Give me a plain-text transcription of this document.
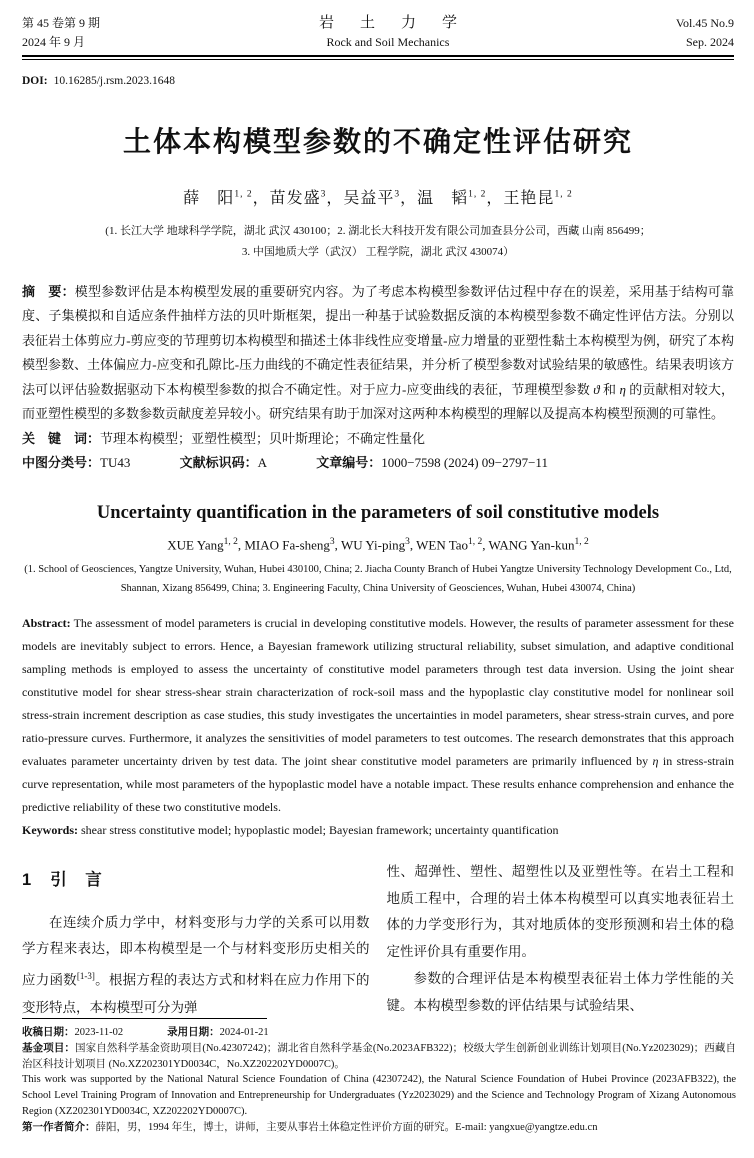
第 45 卷第 9 期
2024 年 9 月
岩土力学
Rock and Soil Mechanics
Vol.45 No.9
Sep. 2024
DOI: 10.16285/j.rsm.2023.1648
土体本构模型参数的不确定性评估研究
薛　阳$^{1, 2}$，苗发盛$^3$，吴益平$^3$，温　韬$^{1, 2}$，王艳昆$^{1, 2}$
(1. 长江大学 地球科学学院，湖北 武汉 430100；2. 湖北长大科技开发有限公司加查县分公司，西藏 山南 856499；
3. 中国地质大学（武汉） 工程学院，湖北 武汉 430074）
摘　要：模型参数评估是本构模型发展的重要研究内容。为了考虑本构模型参数评估过程中存在的误差，采用基于结构可靠度、子集模拟和自适应条件抽样方法的贝叶斯框架，提出一种基于试验数据反演的本构模型参数不确定性评估方法。分别以表征岩土体剪应力-剪应变的节理剪切本构模型和描述土体非线性应变增量-应力增量的亚塑性黏土本构模型为例，研究了本构模型参数、土体偏应力-应变和孔隙比-压力曲线的不确定性表征结果，并分析了模型参数对试验结果的敏感性。结果表明该方法可以评估验数据驱动下本构模型参数的拟合不确定性。对于应力-应变曲线的表征，节理模型参数 ϑ 和 η 的贡献相对较大，而亚塑性模型的多数参数贡献度差异较小。研究结果有助于加深对这两种本构模型的理解以及提高本构模型预测的可靠性。
关　键　词：节理本构模型；亚塑性模型；贝叶斯理论；不确定性量化
中图分类号：TU43	文献标识码：A	文章编号：1000−7598 (2024) 09−2797−11
Uncertainty quantification in the parameters of soil constitutive models
XUE Yang$^{1, 2}$, MIAO Fa-sheng$^3$, WU Yi-ping$^3$, WEN Tao$^{1, 2}$, WANG Yan-kun$^{1, 2}$
(1. School of Geosciences, Yangtze University, Wuhan, Hubei 430100, China; 2. Jiacha County Branch of Hubei Yangtze University Technology Development Co., Ltd, Shannan, Xizang 856499, China; 3. Engineering Faculty, China University of Geosciences, Wuhan, Hubei 430074, China)
Abstract: The assessment of model parameters is crucial in developing constitutive models. However, the results of parameter assessment for these models are inevitably subject to errors. Hence, a Bayesian framework utilizing structural reliability, subset simulation, and adaptive conditional sampling methods is employed to assess the uncertainty of constitutive model parameters through test data inversion. Using the joint shear constitutive model for shear stress-shear strain characterization of rock-soil mass and the hypoplastic clay constitutive model for nonlinear soil stress-strain increment description as case studies, this study investigates the uncertainties in model parameters, shear stress-strain curves, and pore ratio-pressure curves. Furthermore, it analyzes the sensitivities of model parameters to test outcomes. The research demonstrates that this approach evaluates parameter uncertainty driven by test data. The joint shear constitutive model parameters are primarily influenced by η in stress-strain curve representation, while most parameters of the hypoplastic model have a notable impact. These results enhance comprehension and enhance the predictive reliability of these two constitutive models.
Keywords: shear stress constitutive model; hypoplastic model; Bayesian framework; uncertainty quantification
1 引　言

在连续介质力学中，材料变形与力学的关系可以用数学方程来表达，即本构模型是一个与材料变形历史相关的应力函数[1-3]。根据方程的表达方式和材料在应力作用下的变形特点，本构模型可分为弹

性、超弹性、塑性、超塑性以及亚塑性等。在岩土工程和地质工程中，合理的岩土体本构模型可以真实地表征岩土体的力学变形行为，其对地质体的变形预测和岩土体的稳定性评价具有重要作用。

参数的合理评估是本构模型表征岩土体力学性能的关键。本构模型参数的评估结果与试验结果、

收稿日期：2023-11-02	录用日期：2024-01-21
基金项目：国家自然科学基金资助项目(No.42307242)；湖北省自然科学基金(No.2023AFB322)；校级大学生创新创业训练计划项目(No.Yz2023029)；西藏自治区科技计划项目 (No.XZ202301YD0034C，No.XZ202202YD0007C)。
This work was supported by the National Natural Science Foundation of China (42307242), the Natural Science Foundation of Hubei Province (2023AFB322), the School Level Training Program of Innovation and Entrepreneurship for Undergraduates (Yz2023029) and the Science and Technology Program of Xizang Autonomous Region (XZ202301YD0034C, XZ202202YD0007C).
第一作者简介：薛阳，男，1994 年生，博士，讲师，主要从事岩土体稳定性评价方面的研究。E-mail: yangxue@yangtze.edu.cn
